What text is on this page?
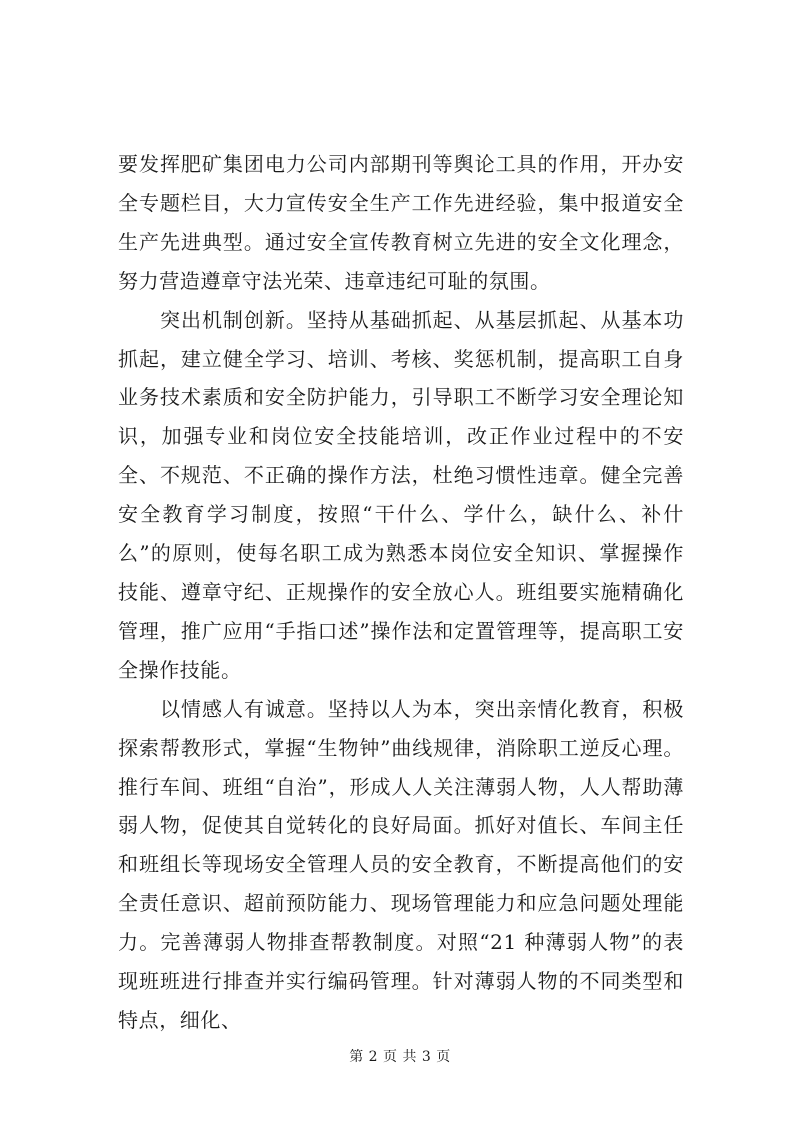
要发挥肥矿集团电力公司内部期刊等舆论工具的作用，开办安全专题栏目，大力宣传安全生产工作先进经验，集中报道安全生产先进典型。通过安全宣传教育树立先进的安全文化理念，努力营造遵章守法光荣、违章违纪可耻的氛围。

突出机制创新。坚持从基础抓起、从基层抓起、从基本功抓起，建立健全学习、培训、考核、奖惩机制，提高职工自身业务技术素质和安全防护能力，引导职工不断学习安全理论知识，加强专业和岗位安全技能培训，改正作业过程中的不安全、不规范、不正确的操作方法，杜绝习惯性违章。健全完善安全教育学习制度，按照“干什么、学什么，缺什么、补什么”的原则，使每名职工成为熟悉本岗位安全知识、掌握操作技能、遵章守纪、正规操作的安全放心人。班组要实施精确化管理，推广应用“手指口述”操作法和定置管理等，提高职工安全操作技能。

以情感人有诚意。坚持以人为本，突出亲情化教育，积极探索帮教形式，掌握“生物钟”曲线规律，消除职工逆反心理。推行车间、班组“自治”，形成人人关注薄弱人物，人人帮助薄弱人物，促使其自觉转化的良好局面。抓好对值长、车间主任和班组长等现场安全管理人员的安全教育，不断提高他们的安全责任意识、超前预防能力、现场管理能力和应急问题处理能力。完善薄弱人物排查帮教制度。对照“21 种薄弱人物”的表现班班进行排查并实行编码管理。针对薄弱人物的不同类型和特点，细化、

第 2 页 共 3 页
